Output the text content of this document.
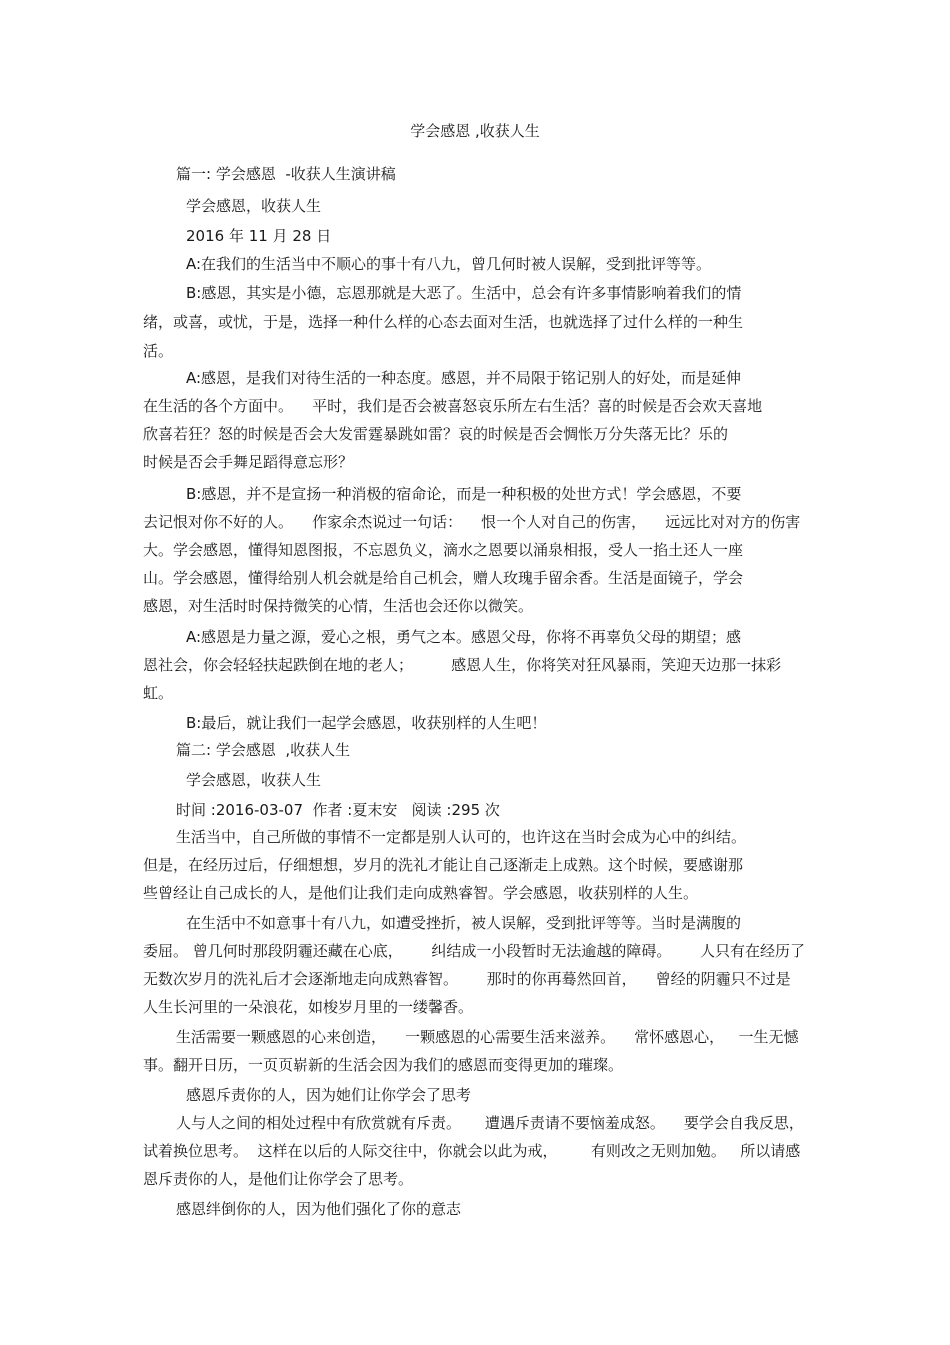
学会感恩 ,收获人生
篇一: 学会感恩  -收获人生演讲稿
学会感恩，收获人生
2016 年 11 月 28 日
A:在我们的生活当中不顺心的事十有八九，曾几何时被人误解，受到批评等等。
B:感恩，其实是小德，忘恩那就是大恶了。生活中，总会有许多事情影响着我们的情
绪，或喜，或忧，于是，选择一种什么样的心态去面对生活，也就选择了过什么样的一种生
活。
A:感恩，是我们对待生活的一种态度。感恩，并不局限于铭记别人的好处，而是延伸
在生活的各个方面中。    平时，我们是否会被喜怒哀乐所左右生活？喜的时候是否会欢天喜地
欣喜若狂？怒的时候是否会大发雷霆暴跳如雷？哀的时候是否会惆怅万分失落无比？乐的
时候是否会手舞足蹈得意忘形？
B:感恩，并不是宣扬一种消极的宿命论，而是一种积极的处世方式！学会感恩，不要
去记恨对你不好的人。    作家余杰说过一句话：    恨一个人对自己的伤害，    远远比对对方的伤害
大。学会感恩，懂得知恩图报，不忘恩负义，滴水之恩要以涌泉相报，受人一掐土还人一座
山。学会感恩，懂得给别人机会就是给自己机会，赠人玫瑰手留余香。生活是面镜子，学会
感恩，对生活时时保持微笑的心情，生活也会还你以微笑。
A:感恩是力量之源，爱心之根，勇气之本。感恩父母，你将不再辜负父母的期望；感
恩社会，你会轻轻扶起跌倒在地的老人；        感恩人生，你将笑对狂风暴雨，笑迎天边那一抹彩
虹。
B:最后，就让我们一起学会感恩，收获别样的人生吧！
篇二: 学会感恩  ,收获人生
学会感恩，收获人生
时间 :2016-03-07  作者 :夏末安   阅读 :295 次
生活当中，自己所做的事情不一定都是别人认可的，也许这在当时会成为心中的纠结。
但是，在经历过后，仔细想想，岁月的洗礼才能让自己逐渐走上成熟。这个时候，要感谢那
些曾经让自己成长的人，是他们让我们走向成熟睿智。学会感恩，收获别样的人生。
在生活中不如意事十有八九，如遭受挫折，被人误解，受到批评等等。当时是满腹的
委屈。 曾几何时那段阴霾还藏在心底，      纠结成一小段暂时无法逾越的障碍。      人只有在经历了
无数次岁月的洗礼后才会逐渐地走向成熟睿智。      那时的你再蓦然回首，    曾经的阴霾只不过是
人生长河里的一朵浪花，如梭岁月里的一缕馨香。
生活需要一颗感恩的心来创造，    一颗感恩的心需要生活来滋养。    常怀感恩心，   一生无憾
事。翻开日历，一页页崭新的生活会因为我们的感恩而变得更加的璀璨。
感恩斥责你的人，因为她们让你学会了思考
人与人之间的相处过程中有欣赏就有斥责。     遭遇斥责请不要恼羞成怒。    要学会自我反思，
试着换位思考。  这样在以后的人际交往中，你就会以此为戒，       有则改之无则加勉。   所以请感
恩斥责你的人，是他们让你学会了思考。
感恩绊倒你的人，因为他们强化了你的意志
